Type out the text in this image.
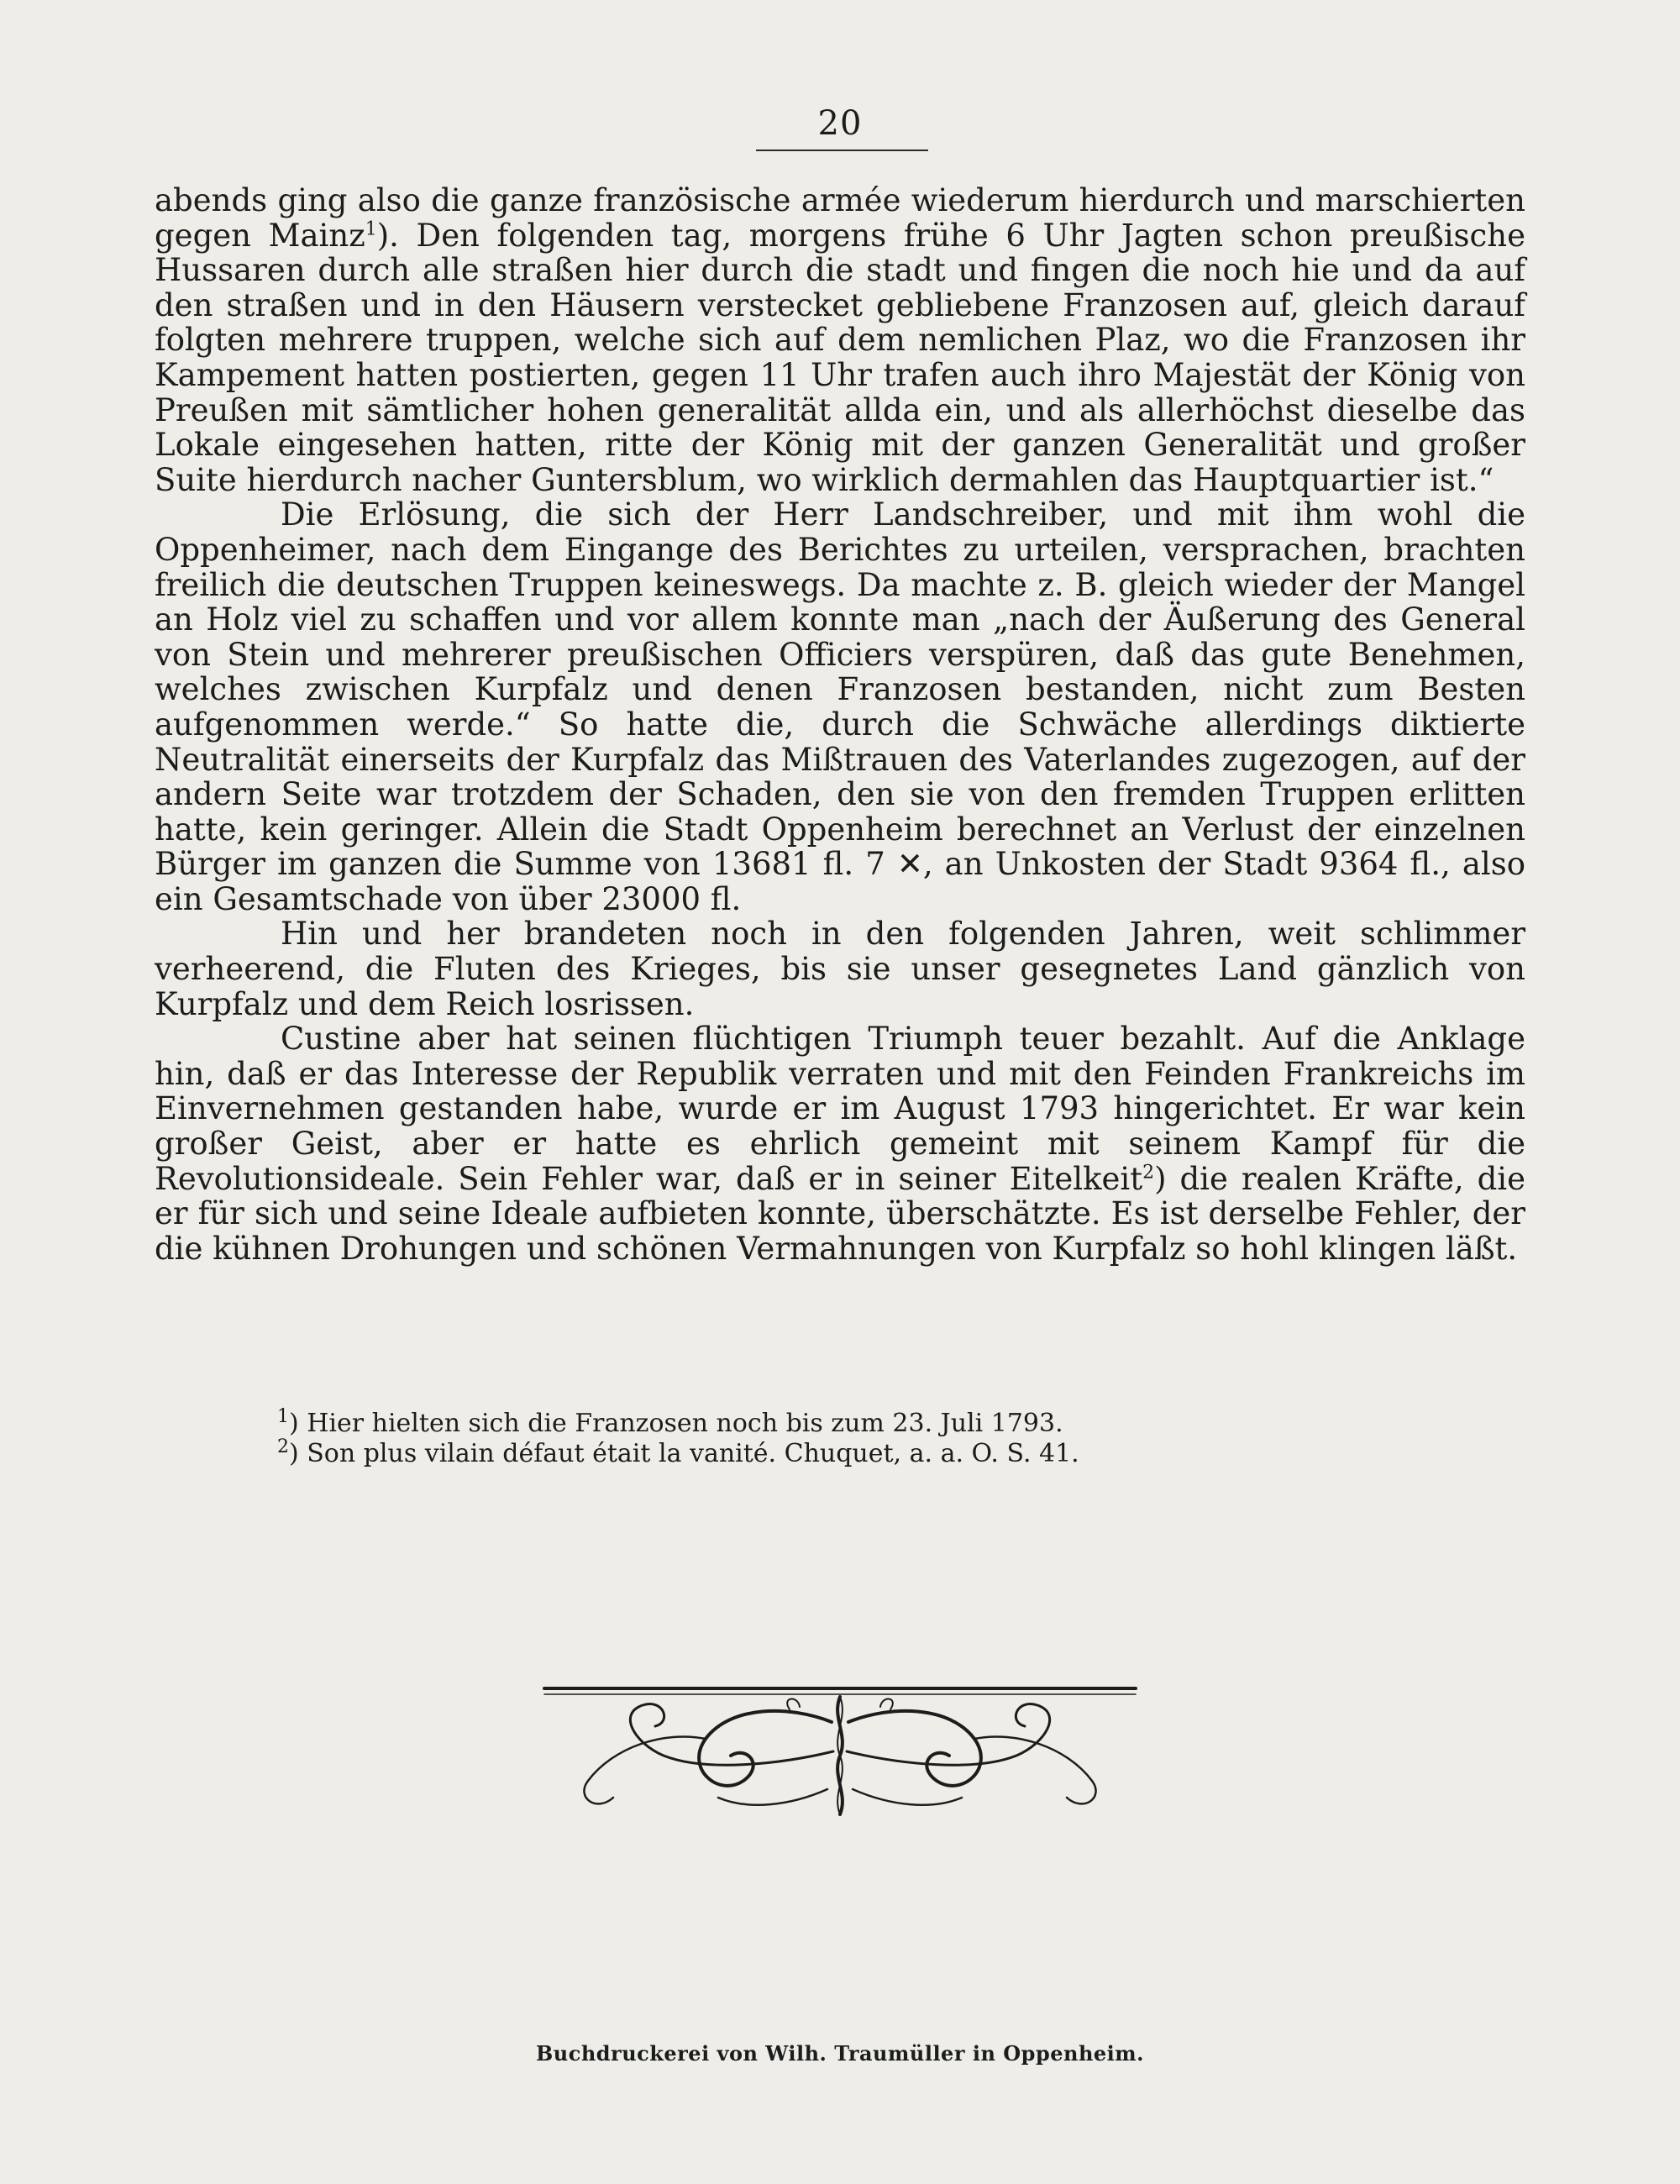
20

abends ging also die ganze französische armée wiederum hierdurch und marschierten gegen Mainz$^1$). Den folgenden tag, morgens frühe 6 Uhr Jagten schon preußische Hussaren durch alle straßen hier durch die stadt und fingen die noch hie und da auf den straßen und in den Häusern verstecket gebliebene Franzosen auf, gleich darauf folgten mehrere truppen, welche sich auf dem nemlichen Plaz, wo die Franzosen ihr Kampement hatten postierten, gegen 11 Uhr trafen auch ihro Majestät der König von Preußen mit sämtlicher hohen generalität allda ein, und als allerhöchst dieselbe das Lokale eingesehen hatten, ritte der König mit der ganzen Generalität und großer Suite hierdurch nacher Guntersblum, wo wirklich dermahlen das Hauptquartier ist.“

Die Erlösung, die sich der Herr Landschreiber, und mit ihm wohl die Oppenheimer, nach dem Eingange des Berichtes zu urteilen, versprachen, brachten freilich die deutschen Truppen keineswegs. Da machte z. B. gleich wieder der Mangel an Holz viel zu schaffen und vor allem konnte man „nach der Äußerung des General von Stein und mehrerer preußischen Officiers verspüren, daß das gute Benehmen, welches zwischen Kurpfalz und denen Franzosen bestanden, nicht zum Besten aufgenommen werde.“ So hatte die, durch die Schwäche allerdings diktierte Neutralität einerseits der Kurpfalz das Mißtrauen des Vaterlandes zugezogen, auf der andern Seite war trotzdem der Schaden, den sie von den fremden Truppen erlitten hatte, kein geringer. Allein die Stadt Oppenheim berechnet an Verlust der einzelnen Bürger im ganzen die Summe von 13681 fl. 7 ✕, an Unkosten der Stadt 9364 fl., also ein Gesamtschade von über 23000 fl.

Hin und her brandeten noch in den folgenden Jahren, weit schlimmer verheerend, die Fluten des Krieges, bis sie unser gesegnetes Land gänzlich von Kurpfalz und dem Reich losrissen.

Custine aber hat seinen flüchtigen Triumph teuer bezahlt. Auf die Anklage hin, daß er das Interesse der Republik verraten und mit den Feinden Frankreichs im Einvernehmen gestanden habe, wurde er im August 1793 hingerichtet. Er war kein großer Geist, aber er hatte es ehrlich gemeint mit seinem Kampf für die Revolutionsideale. Sein Fehler war, daß er in seiner Eitelkeit$^2$) die realen Kräfte, die er für sich und seine Ideale aufbieten konnte, überschätzte. Es ist derselbe Fehler, der die kühnen Drohungen und schönen Vermahnungen von Kurpfalz so hohl klingen läßt.

$^1$) Hier hielten sich die Franzosen noch bis zum 23. Juli 1793.
$^2$) Son plus vilain défaut était la vanité. Chuquet, a. a. O. S. 41.
Buchdruckerei von Wilh. Traumüller in Oppenheim.
